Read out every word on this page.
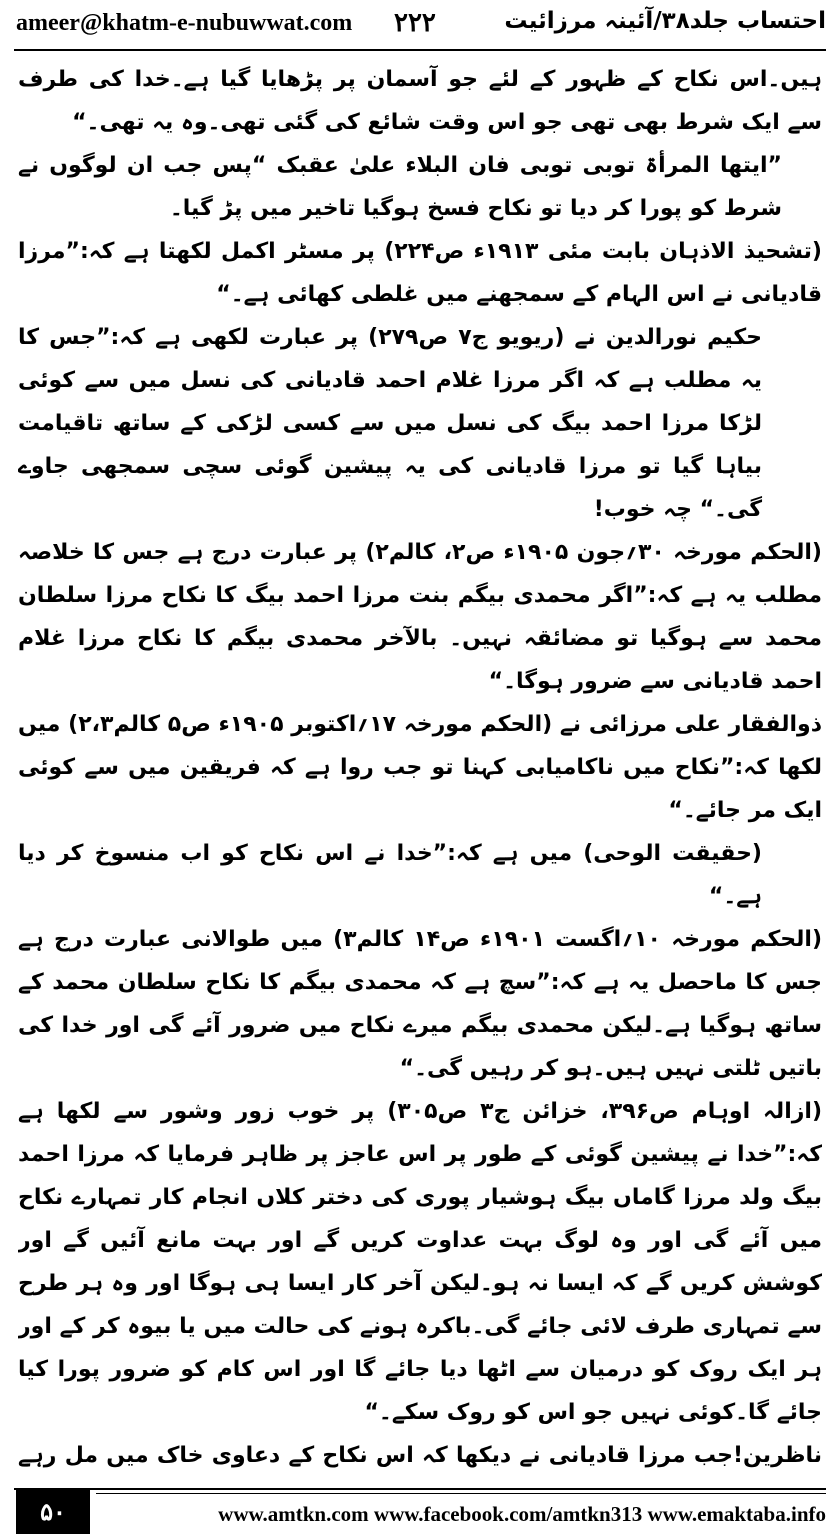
ameer@khatm-e-nubuwwat.com ۲۲۲	احتساب جلد۳۸/آئینہ مرزائیت

ہیں۔اس نکاح کے ظہور کے لئے جو آسمان پر پڑھایا گیا ہے۔خدا کی طرف سے ایک شرط بھی تھی جو اس وقت شائع کی گئی تھی۔وہ یہ تھی۔“

”ایتھا المرأۃ توبی توبی فان البلاء علیٰ عقبک “پس جب ان لوگوں نے شرط کو پورا کر دیا تو نکاح فسخ ہوگیا تاخیر میں پڑ گیا۔

(تشحیذ الاذہان بابت مئی ۱۹۱۳ء ص۲۲۴) پر مسٹر اکمل لکھتا ہے کہ:”مرزا قادیانی نے اس الہام کے سمجھنے میں غلطی کھائی ہے۔“

حکیم نورالدین نے (ریویو ج۷ ص۲۷۹) پر عبارت لکھی ہے کہ:”جس کا یہ مطلب ہے کہ اگر مرزا غلام احمد قادیانی کی نسل میں سے کوئی لڑکا مرزا احمد بیگ کی نسل میں سے کسی لڑکی کے ساتھ تاقیامت بیاہا گیا تو مرزا قادیانی کی یہ پیشین گوئی سچی سمجھی جاوے گی۔“ چہ خوب!

(الحکم مورخہ ۳۰؍جون ۱۹۰۵ء ص۲، کالم۲) پر عبارت درج ہے جس کا خلاصہ مطلب یہ ہے کہ:”اگر محمدی بیگم بنت مرزا احمد بیگ کا نکاح مرزا سلطان محمد سے ہوگیا تو مضائقہ نہیں۔ بالآخر محمدی بیگم کا نکاح مرزا غلام احمد قادیانی سے ضرور ہوگا۔“

ذوالفقار علی مرزائی نے (الحکم مورخہ ۱۷؍اکتوبر ۱۹۰۵ء ص۵ کالم۲،۳) میں لکھا کہ:”نکاح میں ناکامیابی کہنا تو جب روا ہے کہ فریقین میں سے کوئی ایک مر جائے۔“

(حقیقت الوحی) میں ہے کہ:”خدا نے اس نکاح کو اب منسوخ کر دیا ہے۔“

(الحکم مورخہ ۱۰؍اگست ۱۹۰۱ء ص۱۴ کالم۳) میں طوالانی عبارت درج ہے جس کا ماحصل یہ ہے کہ:”سچ ہے کہ محمدی بیگم کا نکاح سلطان محمد کے ساتھ ہوگیا ہے۔لیکن محمدی بیگم میرے نکاح میں ضرور آئے گی اور خدا کی باتیں ٹلتی نہیں ہیں۔ہو کر رہیں گی۔“

(ازالہ اوہام ص۳۹۶، خزائن ج۳ ص۳۰۵) پر خوب زور وشور سے لکھا ہے کہ:”خدا نے پیشین گوئی کے طور پر اس عاجز پر ظاہر فرمایا کہ مرزا احمد بیگ ولد مرزا گاماں بیگ ہوشیار پوری کی دختر کلاں انجام کار تمہارے نکاح میں آئے گی اور وہ لوگ بہت عداوت کریں گے اور بہت مانع آئیں گے اور کوشش کریں گے کہ ایسا نہ ہو۔لیکن آخر کار ایسا ہی ہوگا اور وہ ہر طرح سے تمہاری طرف لائی جائے گی۔باکرہ ہونے کی حالت میں یا بیوہ کر کے اور ہر ایک روک کو درمیان سے اٹھا دیا جائے گا اور اس کام کو ضرور پورا کیا جائے گا۔کوئی نہیں جو اس کو روک سکے۔“

ناظرین!جب مرزا قادیانی نے دیکھا کہ اس نکاح کے دعاوی خاک میں مل رہے

۵۰	www.amtkn.com www.facebook.com/amtkn313 www.emaktaba.info
